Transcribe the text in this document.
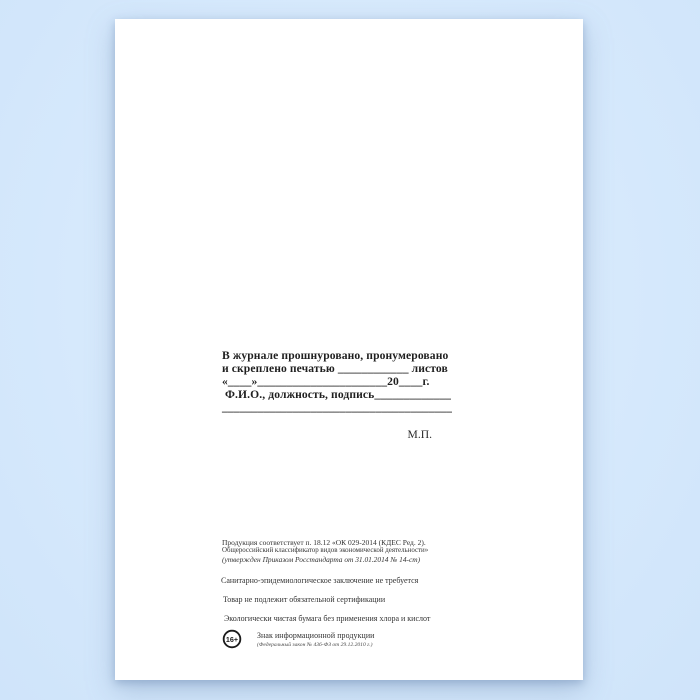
В журнале прошнуровано, пронумеровано
и скреплено печатью ____________ листов
«____»______________________20____г.
Ф.И.О., должность, подпись_____________
_______________________________________
М.П.
Продукция соответствует п. 18.12 «ОК 029-2014 (КДЕС Ред. 2).
Общероссийский классификатор видов экономической деятельности»
(утвержден Приказом Росстандарта от 31.01.2014 № 14-ст)
Санитарно-эпидемиологическое заключение не требуется
Товар не подлежит обязательной сертификации
Экологически чистая бумага без применения хлора и кислот
16+ Знак информационной продукции
(Федеральный закон № 436-ФЗ от 29.12.2010 г.)
